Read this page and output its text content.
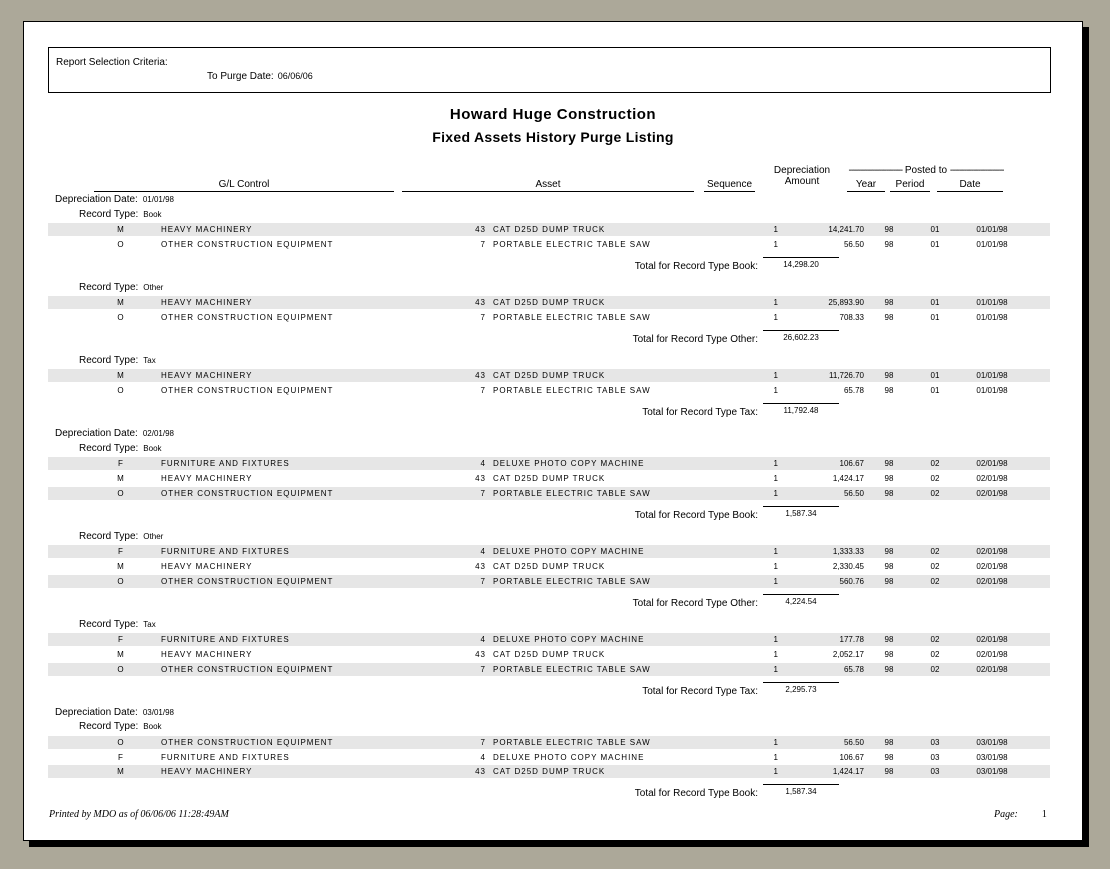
Report Selection Criteria:
To Purge Date: 06/06/06
Howard Huge Construction
Fixed Assets History Purge Listing
G/L Control	Asset	Sequence
Depreciation
Amount
----------------------- Posted to -----------------------
Year	Period	Date
Depreciation Date: 01/01/98
Record Type: Book
M	HEAVY MACHINERY	43 CAT D25D DUMP TRUCK	1	14,241.70	98	01	01/01/98
O	OTHER CONSTRUCTION EQUIPMENT	7 PORTABLE ELECTRIC TABLE SAW	1	56.50	98	01	01/01/98
Total for Record Type Book:	14,298.20
Record Type: Other
M	HEAVY MACHINERY	43 CAT D25D DUMP TRUCK	1	25,893.90	98	01	01/01/98
O	OTHER CONSTRUCTION EQUIPMENT	7 PORTABLE ELECTRIC TABLE SAW	1	708.33	98	01	01/01/98
Total for Record Type Other:	26,602.23
Record Type: Tax
M	HEAVY MACHINERY	43 CAT D25D DUMP TRUCK	1	11,726.70	98	01	01/01/98
O	OTHER CONSTRUCTION EQUIPMENT	7 PORTABLE ELECTRIC TABLE SAW	1	65.78	98	01	01/01/98
Total for Record Type Tax:	11,792.48
Depreciation Date: 02/01/98
Record Type: Book
F	FURNITURE AND FIXTURES	4 DELUXE PHOTO COPY MACHINE	1	106.67	98	02	02/01/98
M	HEAVY MACHINERY	43 CAT D25D DUMP TRUCK	1	1,424.17	98	02	02/01/98
O	OTHER CONSTRUCTION EQUIPMENT	7 PORTABLE ELECTRIC TABLE SAW	1	56.50	98	02	02/01/98
Total for Record Type Book:	1,587.34
Record Type: Other
F	FURNITURE AND FIXTURES	4 DELUXE PHOTO COPY MACHINE	1	1,333.33	98	02	02/01/98
M	HEAVY MACHINERY	43 CAT D25D DUMP TRUCK	1	2,330.45	98	02	02/01/98
O	OTHER CONSTRUCTION EQUIPMENT	7 PORTABLE ELECTRIC TABLE SAW	1	560.76	98	02	02/01/98
Total for Record Type Other:	4,224.54
Record Type: Tax
F	FURNITURE AND FIXTURES	4 DELUXE PHOTO COPY MACHINE	1	177.78	98	02	02/01/98
M	HEAVY MACHINERY	43 CAT D25D DUMP TRUCK	1	2,052.17	98	02	02/01/98
O	OTHER CONSTRUCTION EQUIPMENT	7 PORTABLE ELECTRIC TABLE SAW	1	65.78	98	02	02/01/98
Total for Record Type Tax:	2,295.73
Depreciation Date: 03/01/98
Record Type: Book
O	OTHER CONSTRUCTION EQUIPMENT	7 PORTABLE ELECTRIC TABLE SAW	1	56.50	98	03	03/01/98
F	FURNITURE AND FIXTURES	4 DELUXE PHOTO COPY MACHINE	1	106.67	98	03	03/01/98
M	HEAVY MACHINERY	43 CAT D25D DUMP TRUCK	1	1,424.17	98	03	03/01/98
Total for Record Type Book:	1,587.34
Printed by MDO as of 06/06/06 11:28:49AM	Page: 1
